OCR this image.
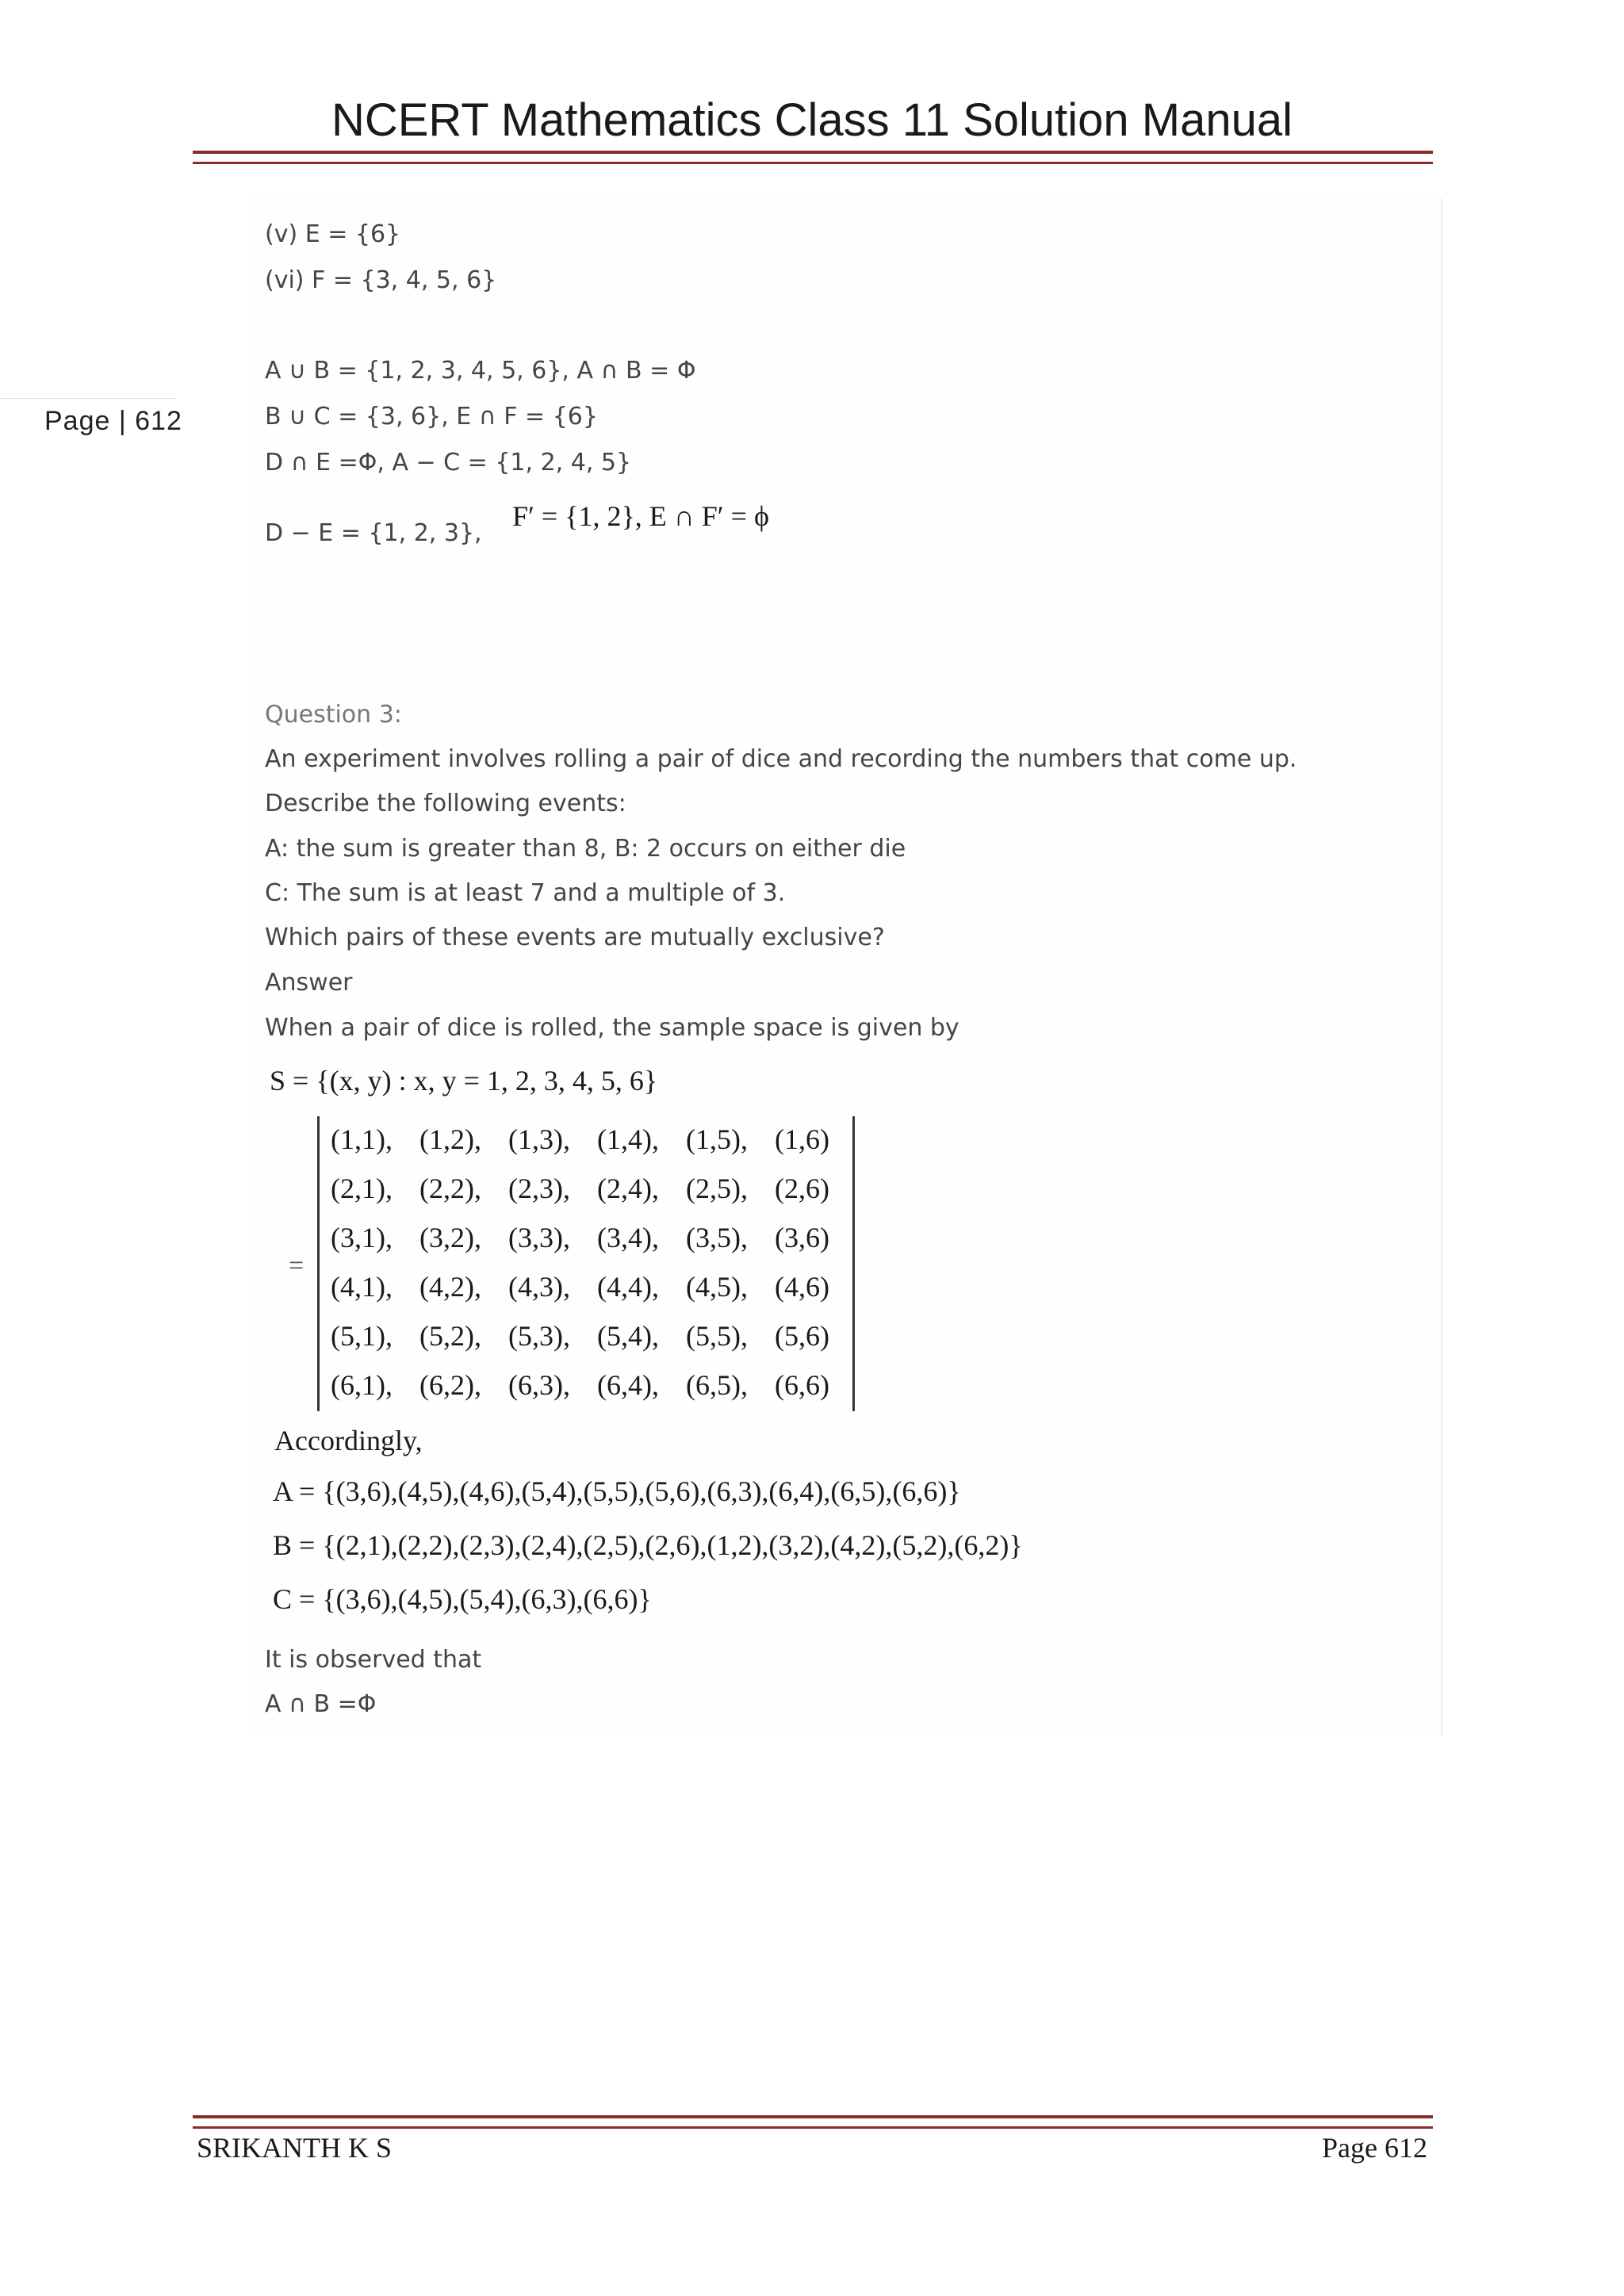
NCERT Mathematics Class 11 Solution Manual
Page | 612
(v) E = {6}
(vi) F = {3, 4, 5, 6}
A ∪ B = {1, 2, 3, 4, 5, 6}, A ∩ B = Φ
B ∪ C = {3, 6}, E ∩ F = {6}
D ∩ E =Φ, A − C = {1, 2, 4, 5}
D − E = {1, 2, 3},
F′ = {1, 2}, E ∩ F′ = ϕ
Question 3:
An experiment involves rolling a pair of dice and recording the numbers that come up.
Describe the following events:
A: the sum is greater than 8, B: 2 occurs on either die
C: The sum is at least 7 and a multiple of 3.
Which pairs of these events are mutually exclusive?
Answer
When a pair of dice is rolled, the sample space is given by
S = {(x, y) : x, y = 1, 2, 3, 4, 5, 6}
=
(1,1), (1,2), (1,3), (1,4), (1,5), (1,6)
(2,1), (2,2), (2,3), (2,4), (2,5), (2,6)
(3,1), (3,2), (3,3), (3,4), (3,5), (3,6)
(4,1), (4,2), (4,3), (4,4), (4,5), (4,6)
(5,1), (5,2), (5,3), (5,4), (5,5), (5,6)
(6,1), (6,2), (6,3), (6,4), (6,5), (6,6)
Accordingly,
A = {(3,6),(4,5),(4,6),(5,4),(5,5),(5,6),(6,3),(6,4),(6,5),(6,6)}
B = {(2,1),(2,2),(2,3),(2,4),(2,5),(2,6),(1,2),(3,2),(4,2),(5,2),(6,2)}
C = {(3,6),(4,5),(5,4),(6,3),(6,6)}
It is observed that
A ∩ B =Φ
SRIKANTH K S	Page 612
